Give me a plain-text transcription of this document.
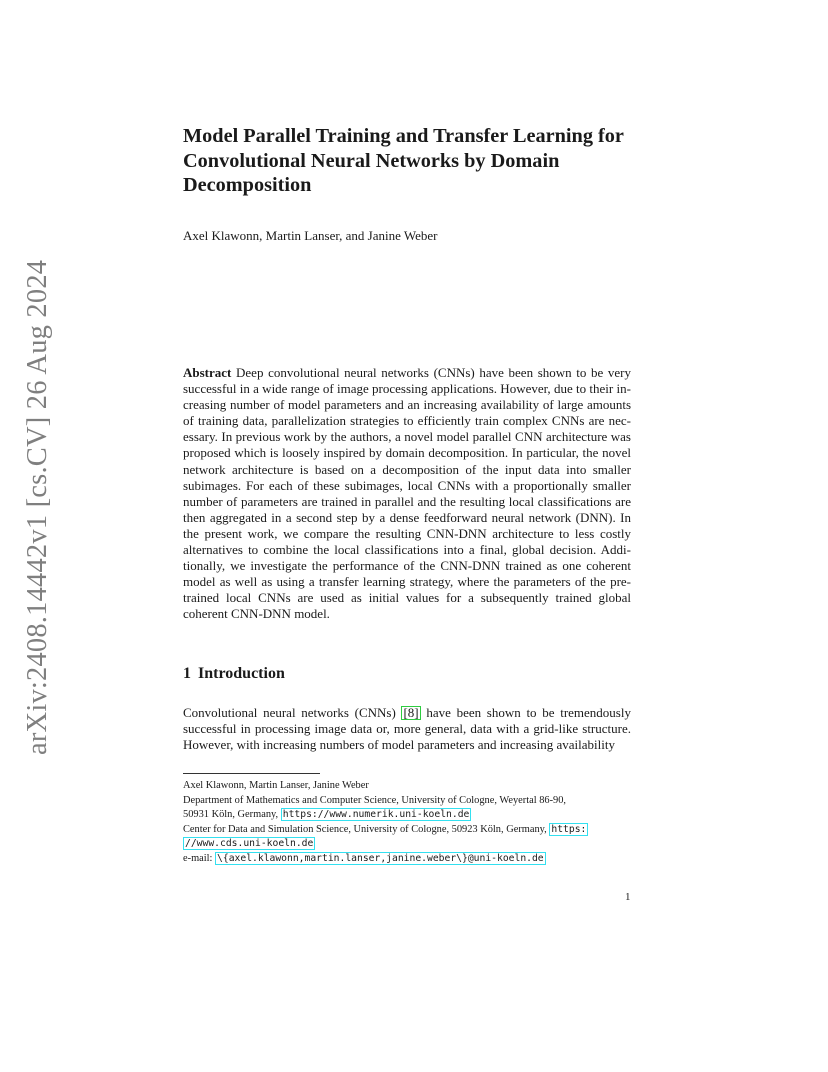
arXiv:2408.14442v1 [cs.CV] 26 Aug 2024
Model Parallel Training and Transfer Learning for Convolutional Neural Networks by Domain Decomposition
Axel Klawonn, Martin Lanser, and Janine Weber

Abstract Deep convolutional neural networks (CNNs) have been shown to be very successful in a wide range of image processing applications. However, due to their increasing number of model parameters and an increasing availability of large amounts of training data, parallelization strategies to efficiently train complex CNNs are necessary. In previous work by the authors, a novel model parallel CNN architecture was proposed which is loosely inspired by domain decomposition. In particular, the novel network architecture is based on a decomposition of the input data into smaller subimages. For each of these subimages, local CNNs with a proportionally smaller number of parameters are trained in parallel and the resulting local classifications are then aggregated in a second step by a dense feedforward neural network (DNN). In the present work, we compare the resulting CNN-DNN architecture to less costly alternatives to combine the local classifications into a final, global decision. Additionally, we investigate the performance of the CNN-DNN trained as one coherent model as well as using a transfer learning strategy, where the parameters of the pre-trained local CNNs are used as initial values for a subsequently trained global coherent CNN-DNN model.

1 Introduction

Convolutional neural networks (CNNs) [8] have been shown to be tremendously successful in processing image data or, more general, data with a grid-like structure. However, with increasing numbers of model parameters and increasing availability

Axel Klawonn, Martin Lanser, Janine Weber
Department of Mathematics and Computer Science, University of Cologne, Weyertal 86-90,
50931 Köln, Germany, https://www.numerik.uni-koeln.de
Center for Data and Simulation Science, University of Cologne, 50923 Köln, Germany, https:
//www.cds.uni-koeln.de
e-mail: \{axel.klawonn,martin.lanser,janine.weber\}@uni-koeln.de
1
